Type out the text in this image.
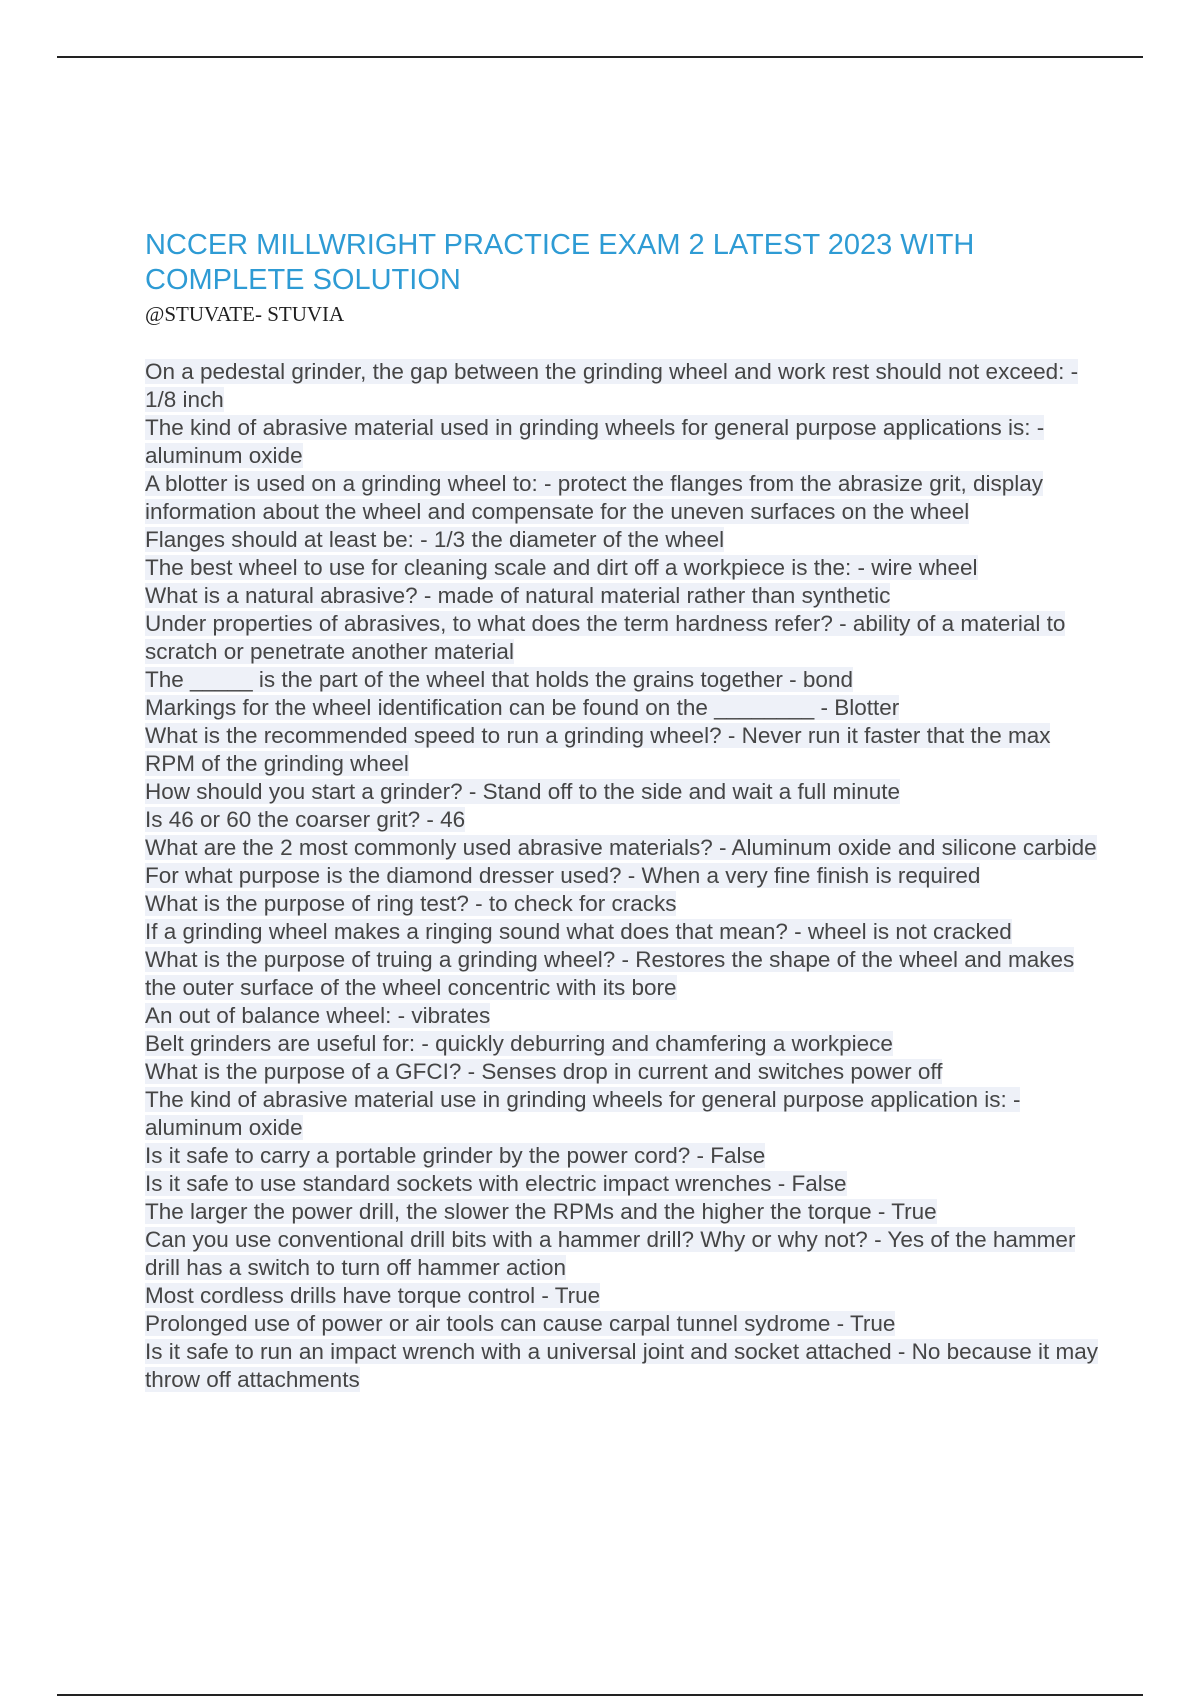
NCCER MILLWRIGHT PRACTICE EXAM 2 LATEST 2023 WITH COMPLETE SOLUTION
@STUVATE- STUVIA
On a pedestal grinder, the gap between the grinding wheel and work rest should not exceed: - 1/8 inch
The kind of abrasive material used in grinding wheels for general purpose applications is: - aluminum oxide
A blotter is used on a grinding wheel to: - protect the flanges from the abrasize grit, display information about the wheel and compensate for the uneven surfaces on the wheel
Flanges should at least be: - 1/3 the diameter of the wheel
The best wheel to use for cleaning scale and dirt off a workpiece is the: - wire wheel
What is a natural abrasive? - made of natural material rather than synthetic
Under properties of abrasives, to what does the term hardness refer? - ability of a material to scratch or penetrate another material
The _____ is the part of the wheel that holds the grains together - bond
Markings for the wheel identification can be found on the ________ - Blotter
What is the recommended speed to run a grinding wheel? - Never run it faster that the max RPM of the grinding wheel
How should you start a grinder? - Stand off to the side and wait a full minute
Is 46 or 60 the coarser grit? - 46
What are the 2 most commonly used abrasive materials? - Aluminum oxide and silicone carbide
For what purpose is the diamond dresser used? - When a very fine finish is required
What is the purpose of ring test? - to check for cracks
If a grinding wheel makes a ringing sound what does that mean? - wheel is not cracked
What is the purpose of truing a grinding wheel? - Restores the shape of the wheel and makes the outer surface of the wheel concentric with its bore
An out of balance wheel: - vibrates
Belt grinders are useful for: - quickly deburring and chamfering a workpiece
What is the purpose of a GFCI? - Senses drop in current and switches power off
The kind of abrasive material use in grinding wheels for general purpose application is: - aluminum oxide
Is it safe to carry a portable grinder by the power cord? - False
Is it safe to use standard sockets with electric impact wrenches - False
The larger the power drill, the slower the RPMs and the higher the torque - True
Can you use conventional drill bits with a hammer drill? Why or why not? - Yes of the hammer drill has a switch to turn off hammer action
Most cordless drills have torque control - True
Prolonged use of power or air tools can cause carpal tunnel sydrome - True
Is it safe to run an impact wrench with a universal joint and socket attached - No because it may throw off attachments
